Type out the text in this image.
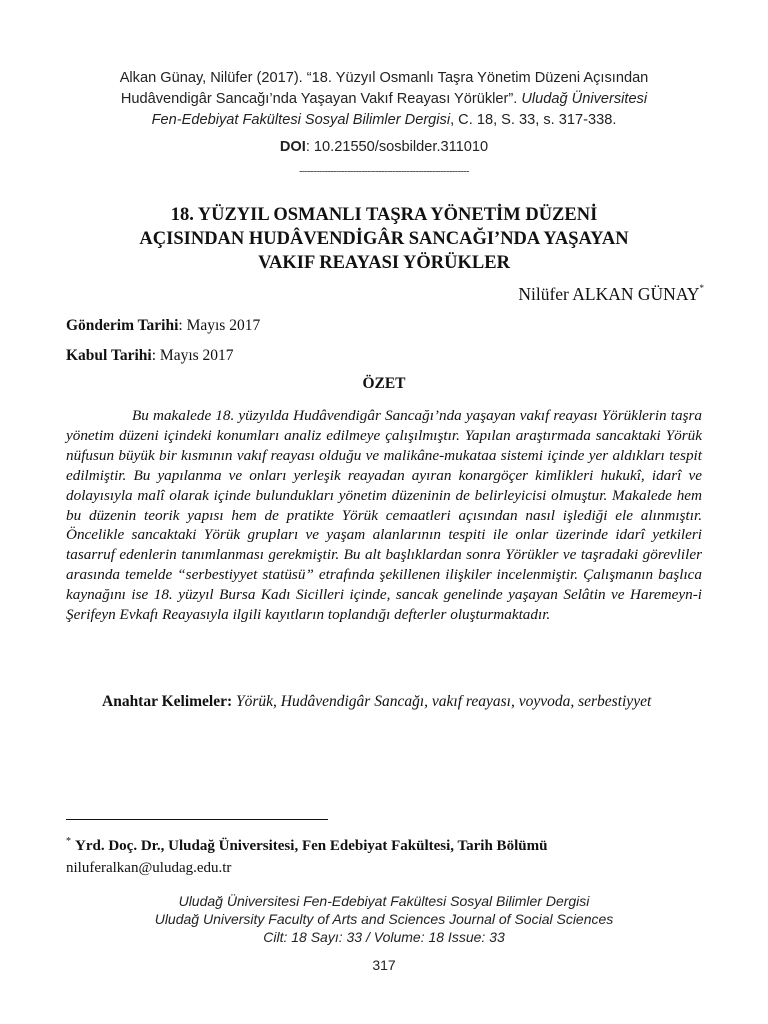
Alkan Günay, Nilüfer (2017). “18. Yüzyıl Osmanlı Taşra Yönetim Düzeni Açısından
Hudâvendigâr Sancağı’nda Yaşayan Vakıf Reayası Yörükler”. Uludağ Üniversitesi
Fen-Edebiyat Fakültesi Sosyal Bilimler Dergisi, C. 18, S. 33, s. 317-338.
DOI: 10.21550/sosbilder.311010
------------------------------------------------------------
18. YÜZYIL OSMANLI TAŞRA YÖNETİM DÜZENİ
AÇISINDAN HUDÂVENDİGÂR SANCAĞI’NDA YAŞAYAN
VAKIF REAYASI YÖRÜKLER
Nilüfer ALKAN GÜNAY*
Gönderim Tarihi: Mayıs 2017
Kabul Tarihi: Mayıs 2017
ÖZET

Bu makalede 18. yüzyılda Hudâvendigâr Sancağı’nda yaşayan vakıf reayası Yörüklerin taşra yönetim düzeni içindeki konumları analiz edilmeye çalışılmıştır. Yapılan araştırmada sancaktaki Yörük nüfusun büyük bir kısmının vakıf reayası olduğu ve malikâne-mukataa sistemi içinde yer aldıkları tespit edilmiştir. Bu yapılanma ve onları yerleşik reayadan ayıran konargöçer kimlikleri hukukî, idarî ve dolayısıyla malî olarak içinde bulundukları yönetim düzeninin de belirleyicisi olmuştur. Makalede hem bu düzenin teorik yapısı hem de pratikte Yörük cemaatleri açısından nasıl işlediği ele alınmıştır. Öncelikle sancaktaki Yörük grupları ve yaşam alanlarının tespiti ile onlar üzerinde idarî yetkileri tasarruf edenlerin tanımlanması gerekmiştir. Bu alt başlıklardan sonra Yörükler ve taşradaki görevliler arasında temelde “serbestiyyet statüsü” etrafında şekillenen ilişkiler incelenmiştir. Çalışmanın başlıca kaynağını ise 18. yüzyıl Bursa Kadı Sicilleri içinde, sancak genelinde yaşayan Selâtin ve Haremeyn-i Şerifeyn Evkafı Reayasıyla ilgili kayıtların toplandığı defterler oluşturmaktadır.

Anahtar Kelimeler: Yörük, Hudâvendigâr Sancağı, vakıf reayası, voyvoda, serbestiyyet

* Yrd. Doç. Dr., Uludağ Üniversitesi, Fen Edebiyat Fakültesi, Tarih Bölümü
niluferalkan@uludag.edu.tr

Uludağ Üniversitesi Fen-Edebiyat Fakültesi Sosyal Bilimler Dergisi
Uludağ University Faculty of Arts and Sciences Journal of Social Sciences
Cilt: 18 Sayı: 33 / Volume: 18 Issue: 33
317
